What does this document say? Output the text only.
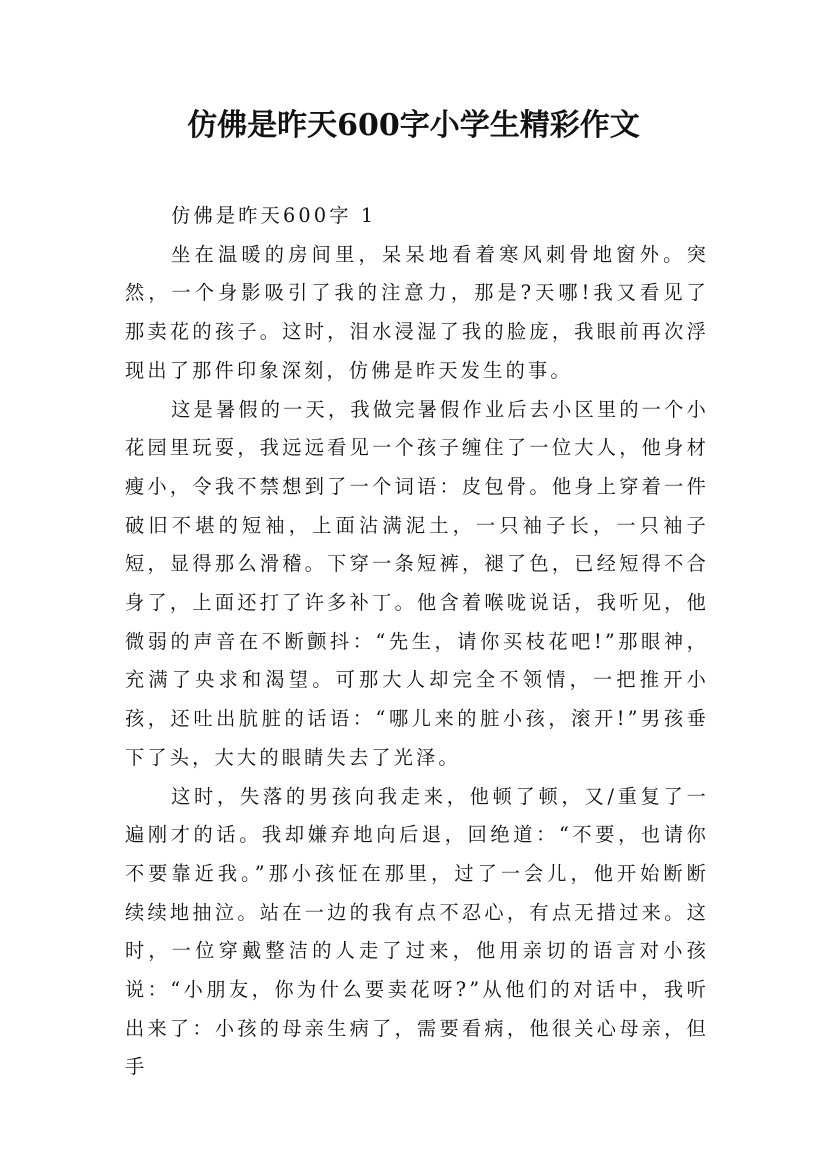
仿佛是昨天600字小学生精彩作文

仿佛是昨天600字 1

坐在温暖的房间里，呆呆地看着寒风刺骨地窗外。突然，一个身影吸引了我的注意力，那是?天哪!我又看见了那卖花的孩子。这时，泪水浸湿了我的脸庞，我眼前再次浮现出了那件印象深刻，仿佛是昨天发生的事。

这是暑假的一天，我做完暑假作业后去小区里的一个小花园里玩耍，我远远看见一个孩子缠住了一位大人，他身材瘦小，令我不禁想到了一个词语：皮包骨。他身上穿着一件破旧不堪的短袖，上面沾满泥土，一只袖子长，一只袖子短，显得那么滑稽。下穿一条短裤，褪了色，已经短得不合身了，上面还打了许多补丁。他含着喉咙说话，我听见，他微弱的声音在不断颤抖：“先生，请你买枝花吧!”那眼神，充满了央求和渴望。可那大人却完全不领情，一把推开小孩，还吐出肮脏的话语：“哪儿来的脏小孩，滚开!”男孩垂下了头，大大的眼睛失去了光泽。

这时，失落的男孩向我走来，他顿了顿，又/重复了一遍刚才的话。我却嫌弃地向后退，回绝道：“不要，也请你不要靠近我。”那小孩怔在那里，过了一会儿，他开始断断续续地抽泣。站在一边的我有点不忍心，有点无措过来。这时，一位穿戴整洁的人走了过来，他用亲切的语言对小孩说：“小朋友，你为什么要卖花呀?”从他们的对话中，我听出来了：小孩的母亲生病了，需要看病，他很关心母亲，但手
